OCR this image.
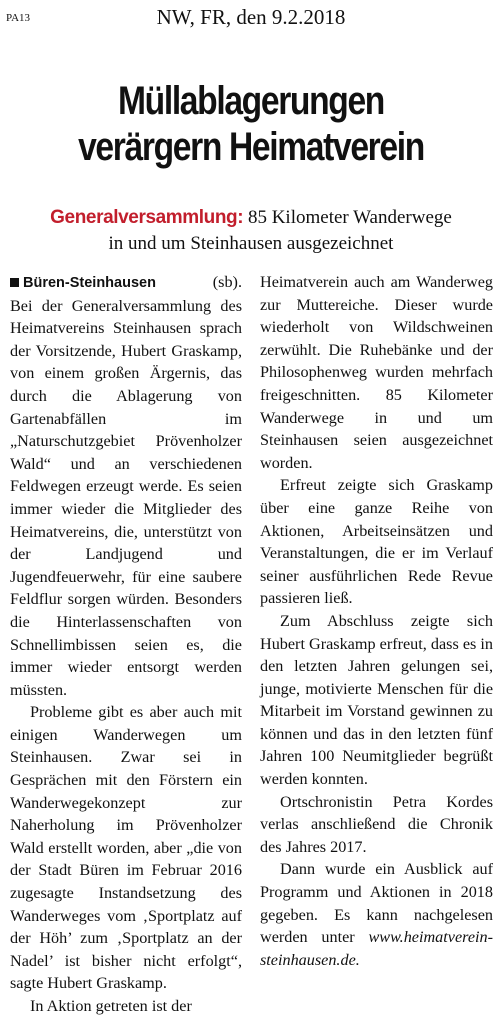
PA13	NW, FR, den 9.2.2018
Müllablagerungen
verärgern Heimatverein
Generalversammlung: 85 Kilometer Wanderwege
in und um Steinhausen ausgezeichnet
Büren-Steinhausen	(sb).

Bei der Generalversammlung des Heimatvereins Steinhausen sprach der Vorsitzende, Hubert Graskamp, von einem großen Ärgernis, das durch die Ablagerung von Gartenabfällen im „Naturschutzgebiet Prövenholzer Wald“ und an verschiedenen Feldwegen erzeugt werde. Es seien immer wieder die Mitglieder des Heimatvereins, die, unterstützt von der Landjugend und Jugendfeuerwehr, für eine saubere Feldflur sorgen würden. Besonders die Hinterlassenschaften von Schnellimbissen seien es, die immer wieder entsorgt werden müssten.

Probleme gibt es aber auch mit einigen Wanderwegen um Steinhausen. Zwar sei in Gesprächen mit den Förstern ein Wanderwegekonzept zur Naherholung im Prövenholzer Wald erstellt worden, aber „die von der Stadt Büren im Februar 2016 zugesagte Instandsetzung des Wanderweges vom ‚Sportplatz auf der Höh’ zum ‚Sportplatz an der Nadel’ ist bisher nicht erfolgt“, sagte Hubert Graskamp.

In Aktion getreten ist der

Heimatverein auch am Wanderweg zur Muttereiche. Dieser wurde wiederholt von Wildschweinen zerwühlt. Die Ruhebänke und der Philosophenweg wurden mehrfach freigeschnitten. 85 Kilometer Wanderwege in und um Steinhausen seien ausgezeichnet worden.

Erfreut zeigte sich Graskamp über eine ganze Reihe von Aktionen, Arbeitseinsätzen und Veranstaltungen, die er im Verlauf seiner ausführlichen Rede Revue passieren ließ.

Zum Abschluss zeigte sich Hubert Graskamp erfreut, dass es in den letzten Jahren gelungen sei, junge, motivierte Menschen für die Mitarbeit im Vorstand gewinnen zu können und das in den letzten fünf Jahren 100 Neumitglieder begrüßt werden konnten.

Ortschronistin Petra Kordes verlas anschließend die Chronik des Jahres 2017.

Dann wurde ein Ausblick auf Programm und Aktionen in 2018 gegeben. Es kann nachgelesen werden unter www.heimatverein-steinhausen.de.
